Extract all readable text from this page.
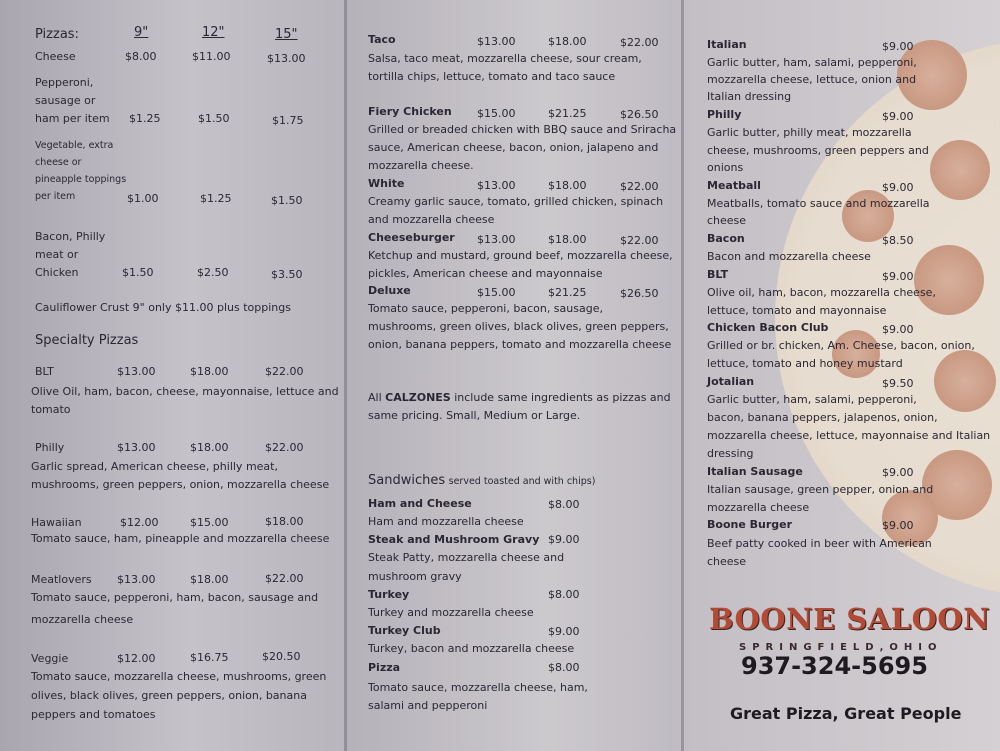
Pizzas:	9"	12"	15"
Cheese	$8.00	$11.00	$13.00
Pepperoni,
sausage or
ham per item $1.25	$1.50	$1.75
Vegetable, extra
cheese or
pineapple toppings
per item	$1.00	$1.25	$1.50
Bacon, Philly
meat or
Chicken	$1.50	$2.50	$3.50
Cauliflower Crust 9" only $11.00 plus toppings
Specialty Pizzas
BLT	$13.00	$18.00	$22.00
Olive Oil, ham, bacon, cheese, mayonnaise, lettuce and
tomato
Philly	$13.00	$18.00	$22.00
Garlic spread, American cheese, philly meat,
mushrooms, green peppers, onion, mozzarella cheese
Hawaiian	$12.00	$15.00	$18.00
Tomato sauce, ham, pineapple and mozzarella cheese
Meatlovers $13.00	$18.00	$22.00
Tomato sauce, pepperoni, ham, bacon, sausage and
mozzarella cheese
Veggie	$12.00	$16.75	$20.50
Tomato sauce, mozzarella cheese, mushrooms, green
olives, black olives, green peppers, onion, banana
peppers and tomatoes
Taco	$13.00	$18.00	$22.00
Salsa, taco meat, mozzarella cheese, sour cream,
tortilla chips, lettuce, tomato and taco sauce
Fiery Chicken $15.00	$21.25	$26.50
Grilled or breaded chicken with BBQ sauce and Sriracha
sauce, American cheese, bacon, onion, jalapeno and
mozzarella cheese.
White	$13.00	$18.00	$22.00
Creamy garlic sauce, tomato, grilled chicken, spinach
and mozzarella cheese
Cheeseburger $13.00	$18.00	$22.00
Ketchup and mustard, ground beef, mozzarella cheese,
pickles, American cheese and mayonnaise
Deluxe	$15.00	$21.25	$26.50
Tomato sauce, pepperoni, bacon, sausage,
mushrooms, green olives, black olives, green peppers,
onion, banana peppers, tomato and mozzarella cheese
All CALZONES include same ingredients as pizzas and
same pricing. Small, Medium or Large.
Sandwiches served toasted and with chips)
Ham and Cheese	$8.00
Ham and mozzarella cheese
Steak and Mushroom Gravy $9.00
Steak Patty, mozzarella cheese and
mushroom gravy
Turkey	$8.00
Turkey and mozzarella cheese
Turkey Club	$9.00
Turkey, bacon and mozzarella cheese
Pizza	$8.00
Tomato sauce, mozzarella cheese, ham,
salami and pepperoni
Italian	$9.00
Garlic butter, ham, salami, pepperoni,
mozzarella cheese, lettuce, onion and
Italian dressing
Philly	$9.00
Garlic butter, philly meat, mozzarella
cheese, mushrooms, green peppers and
onions
Meatball	$9.00
Meatballs, tomato sauce and mozzarella
cheese
Bacon	$8.50
Bacon and mozzarella cheese
BLT	$9.00
Olive oil, ham, bacon, mozzarella cheese,
lettuce, tomato and mayonnaise
Chicken Bacon Club	$9.00
Grilled or br. chicken, Am. Cheese, bacon, onion,
lettuce, tomato and honey mustard
Jotalian	$9.50
Garlic butter, ham, salami, pepperoni,
bacon, banana peppers, jalapenos, onion,
mozzarella cheese, lettuce, mayonnaise and Italian
dressing
Italian Sausage	$9.00
Italian sausage, green pepper, onion and
mozzarella cheese
Boone Burger	$9.00
Beef patty cooked in beer with American
cheese
BOONE SALOON
SPRINGFIELD,OHIO
937-324-5695
Great Pizza, Great People
